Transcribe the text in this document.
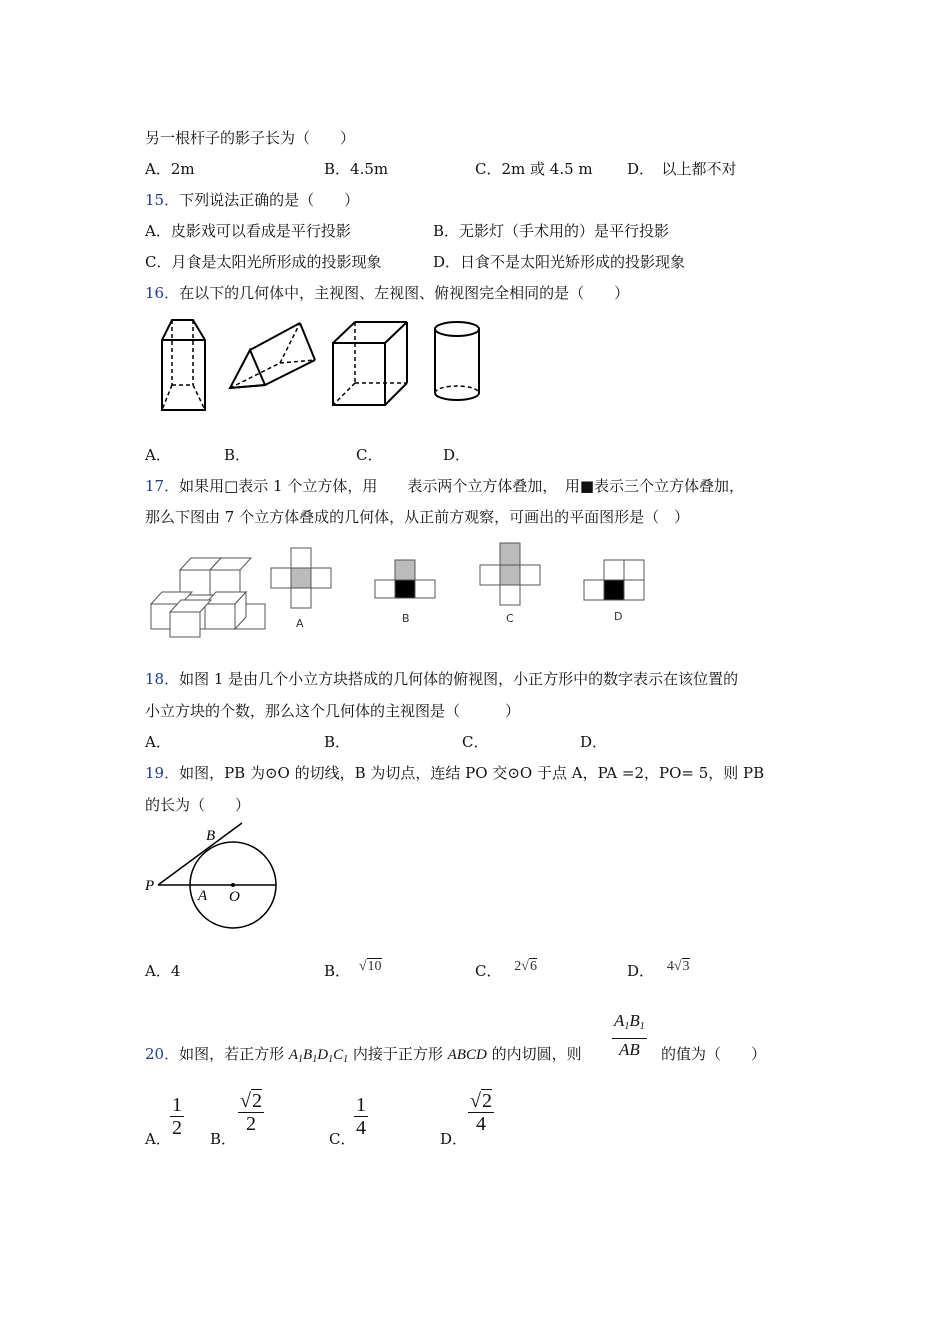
另一根杆子的影子长为（　　）
A．2m	B．4.5m	C．2m 或 4.5 m D．　以上都不对
15．下列说法正确的是（　　）
A．皮影戏可以看成是平行投影	B．无影灯（手术用的）是平行投影
C．月食是太阳光所形成的投影现象	D．日食不是太阳光矫形成的投影现象
16．在以下的几何体中，主视图、左视图、俯视图完全相同的是（　　）
A．	B．	C．	D．
17．如果用□表示 1 个立方体，用　　表示两个立方体叠加，　用■表示三个立方体叠加，
那么下图由 7 个立方体叠成的几何体，从正前方观察，可画出的平面图形是（　）
A	B	C	D
18．如图 1 是由几个小立方块搭成的几何体的俯视图，小正方形中的数字表示在该位置的
小立方块的个数，那么这个几何体的主视图是（　　　）
A．	B．	C．	D．
19．如图，PB 为⊙O 的切线，B 为切点，连结 PO 交⊙O 于点 A，PA =2，PO= 5，则 PB
的长为（　　）
B
P
A O
A．4	B． √10	C． 2√6	D． 4√3
$\frac{A_1B_1}{AB}$
20．如图，若正方形 $A_1B_1D_1C_1$ 内接于正方形 ABCD 的内切圆，则	的值为（　　）
A． $\frac{1}{2}$ B．
$\frac{√2}{2}$
C．
$\frac{1}{4}$	D．
$\frac{√2}{4}$
